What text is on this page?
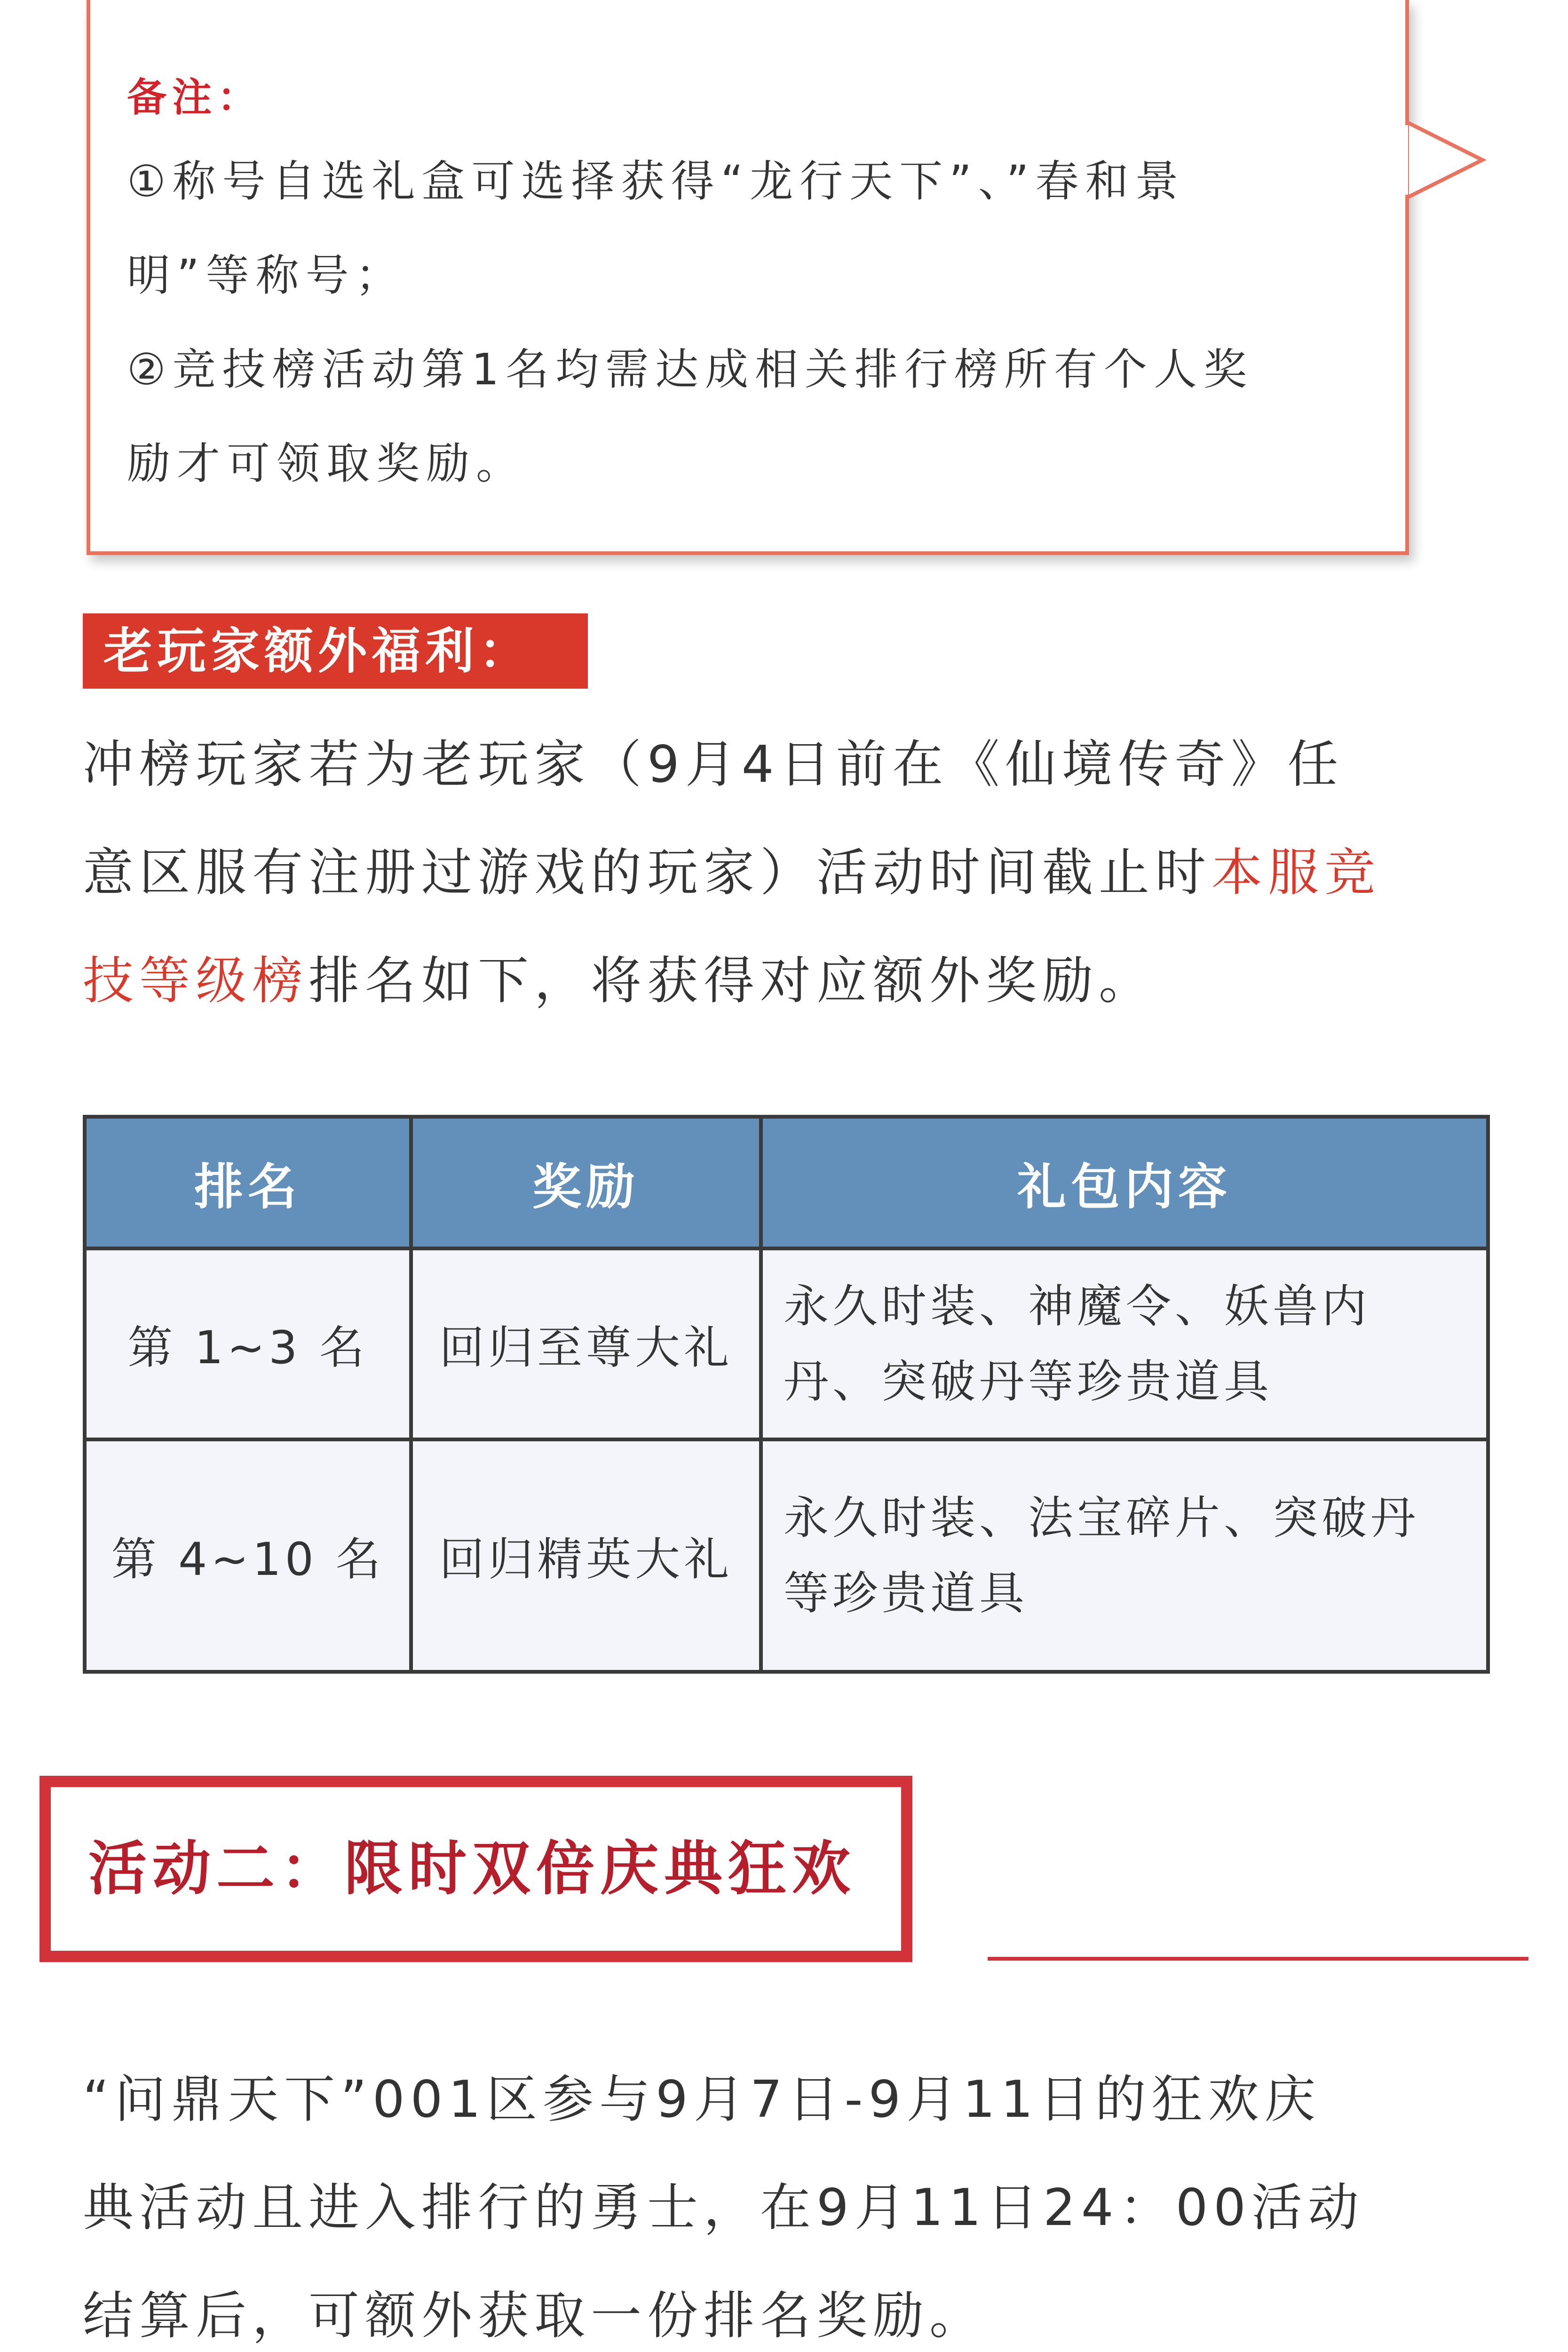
备注：
①称号自选礼盒可选择获得“龙行天下”、”春和景
明”等称号；
②竞技榜活动第1名均需达成相关排行榜所有个人奖
励才可领取奖励。
老玩家额外福利：
冲榜玩家若为老玩家（9月4日前在《仙境传奇》任
意区服有注册过游戏的玩家）活动时间截止时本服竞
技等级榜排名如下，将获得对应额外奖励。
排名	奖励	礼包内容
第 1~3 名	回归至尊大礼	永久时装、神魔令、妖兽内
丹、突破丹等珍贵道具

第 4~10 名	回归精英大礼	永久时装、法宝碎片、突破丹
等珍贵道具
活动二：限时双倍庆典狂欢
“问鼎天下”001区参与9月7日-9月11日的狂欢庆
典活动且进入排行的勇士，在9月11日24：00活动
结算后，可额外获取一份排名奖励。
